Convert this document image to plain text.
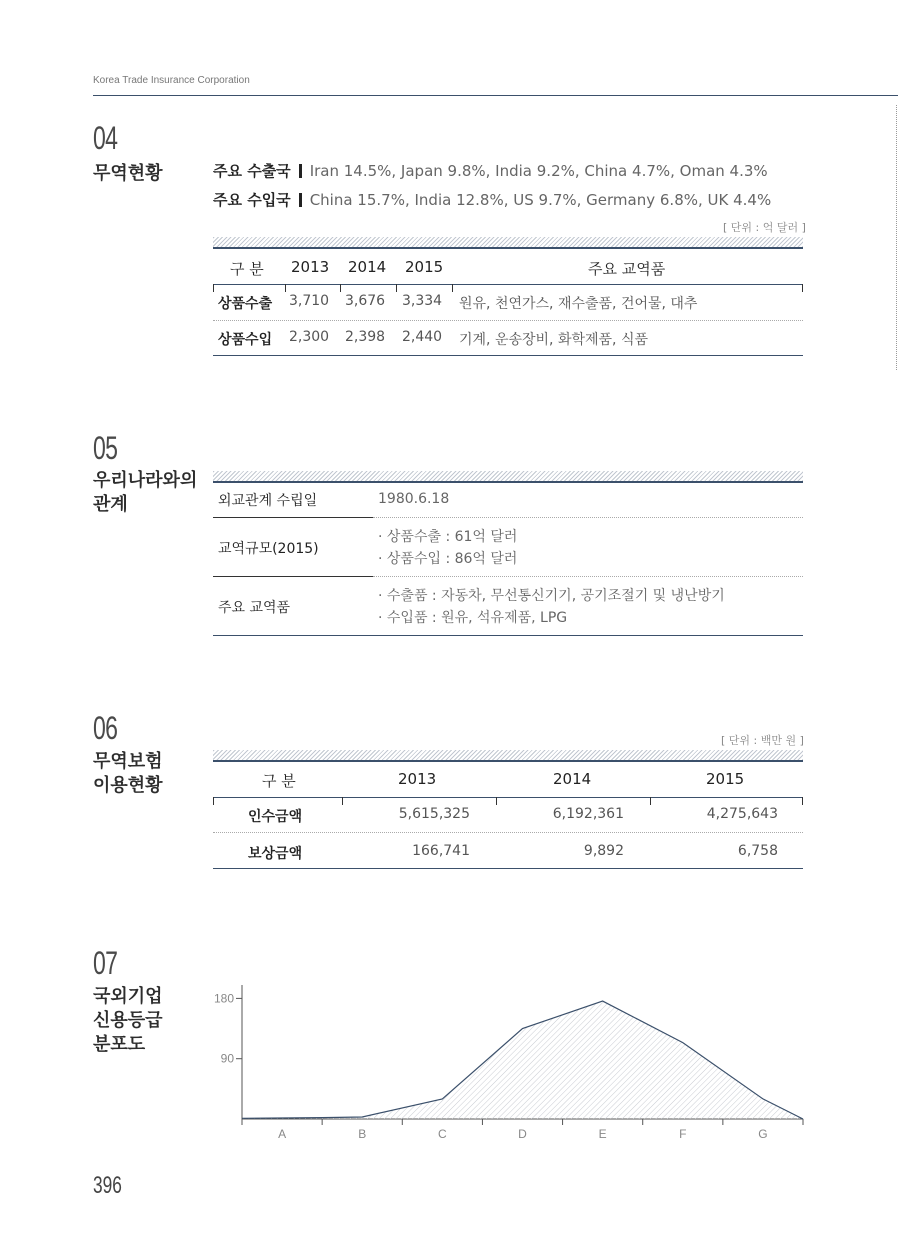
Korea Trade Insurance Corporation
04
무역현황	주요 수출국 Iran 14.5%, Japan 9.8%, India 9.2%, China 4.7%, Oman 4.3%
주요 수입국 China 15.7%, India 12.8%, US 9.7%, Germany 6.8%, UK 4.4%
[ 단위 : 억 달러 ]
구 분 2013 2014 2015	주요 교역품
상품수출 3,710 3,676 3,334 원유, 천연가스, 재수출품, 건어물, 대추
상품수입 2,300 2,398 2,440 기계, 운송장비, 화학제품, 식품
05
우리나라와의
관계	외교관계 수립일	1980.6.18
교역규모(2015)
· 상품수출 : 61억 달러
· 상품수입 : 86억 달러
주요 교역품
· 수출품 : 자동차, 무선통신기기, 공기조절기 및 냉난방기
· 수입품 : 원유, 석유제품, LPG
06
무역보험
이용현황
[ 단위 : 백만 원 ]
구 분	2013	2014	2015
인수금액	5,615,325	6,192,361	4,275,643
보상금액	166,741	9,892	6,758
07
국외기업
신용등급
분포도
90
180
A	B	C	D	E	F	G
396
